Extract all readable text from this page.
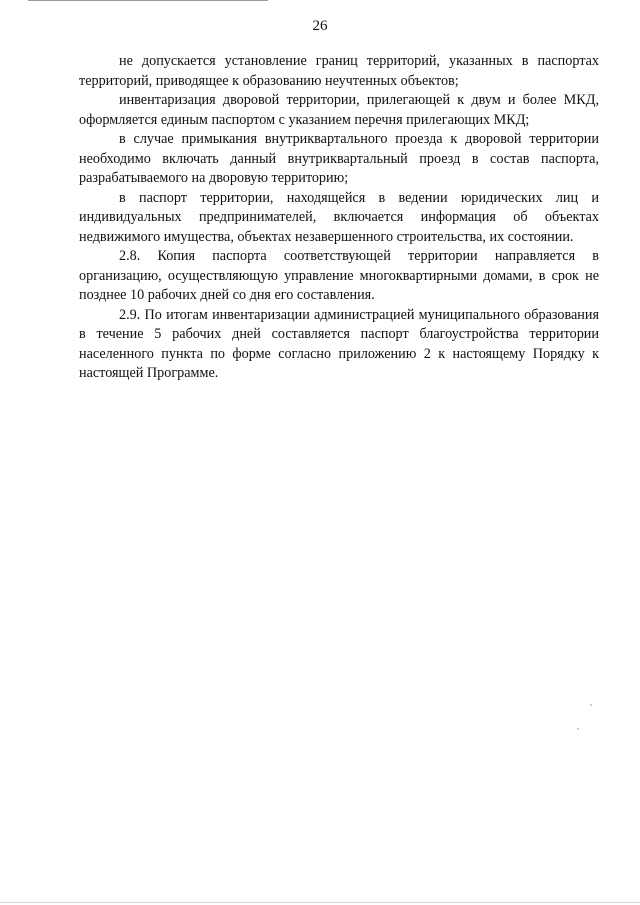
26

не допускается установление границ территорий, указанных в паспортах территорий, приводящее к образованию неучтенных объектов;

инвентаризация дворовой территории, прилегающей к двум и более МКД, оформляется единым паспортом с указанием перечня прилегающих МКД;

в случае примыкания внутриквартального проезда к дворовой территории необходимо включать данный внутриквартальный проезд в состав паспорта, разрабатываемого на дворовую территорию;

в паспорт территории, находящейся в ведении юридических лиц и индивидуальных предпринимателей, включается информация об объектах недвижимого имущества, объектах незавершенного строительства, их состоянии.

2.8. Копия паспорта соответствующей территории направляется в организацию, осуществляющую управление многоквартирными домами, в срок не позднее 10 рабочих дней со дня его составления.

2.9. По итогам инвентаризации администрацией муниципального образования в течение 5 рабочих дней составляется паспорт благоустройства территории населенного пункта по форме согласно приложению 2 к настоящему Порядку к настоящей Программе.
